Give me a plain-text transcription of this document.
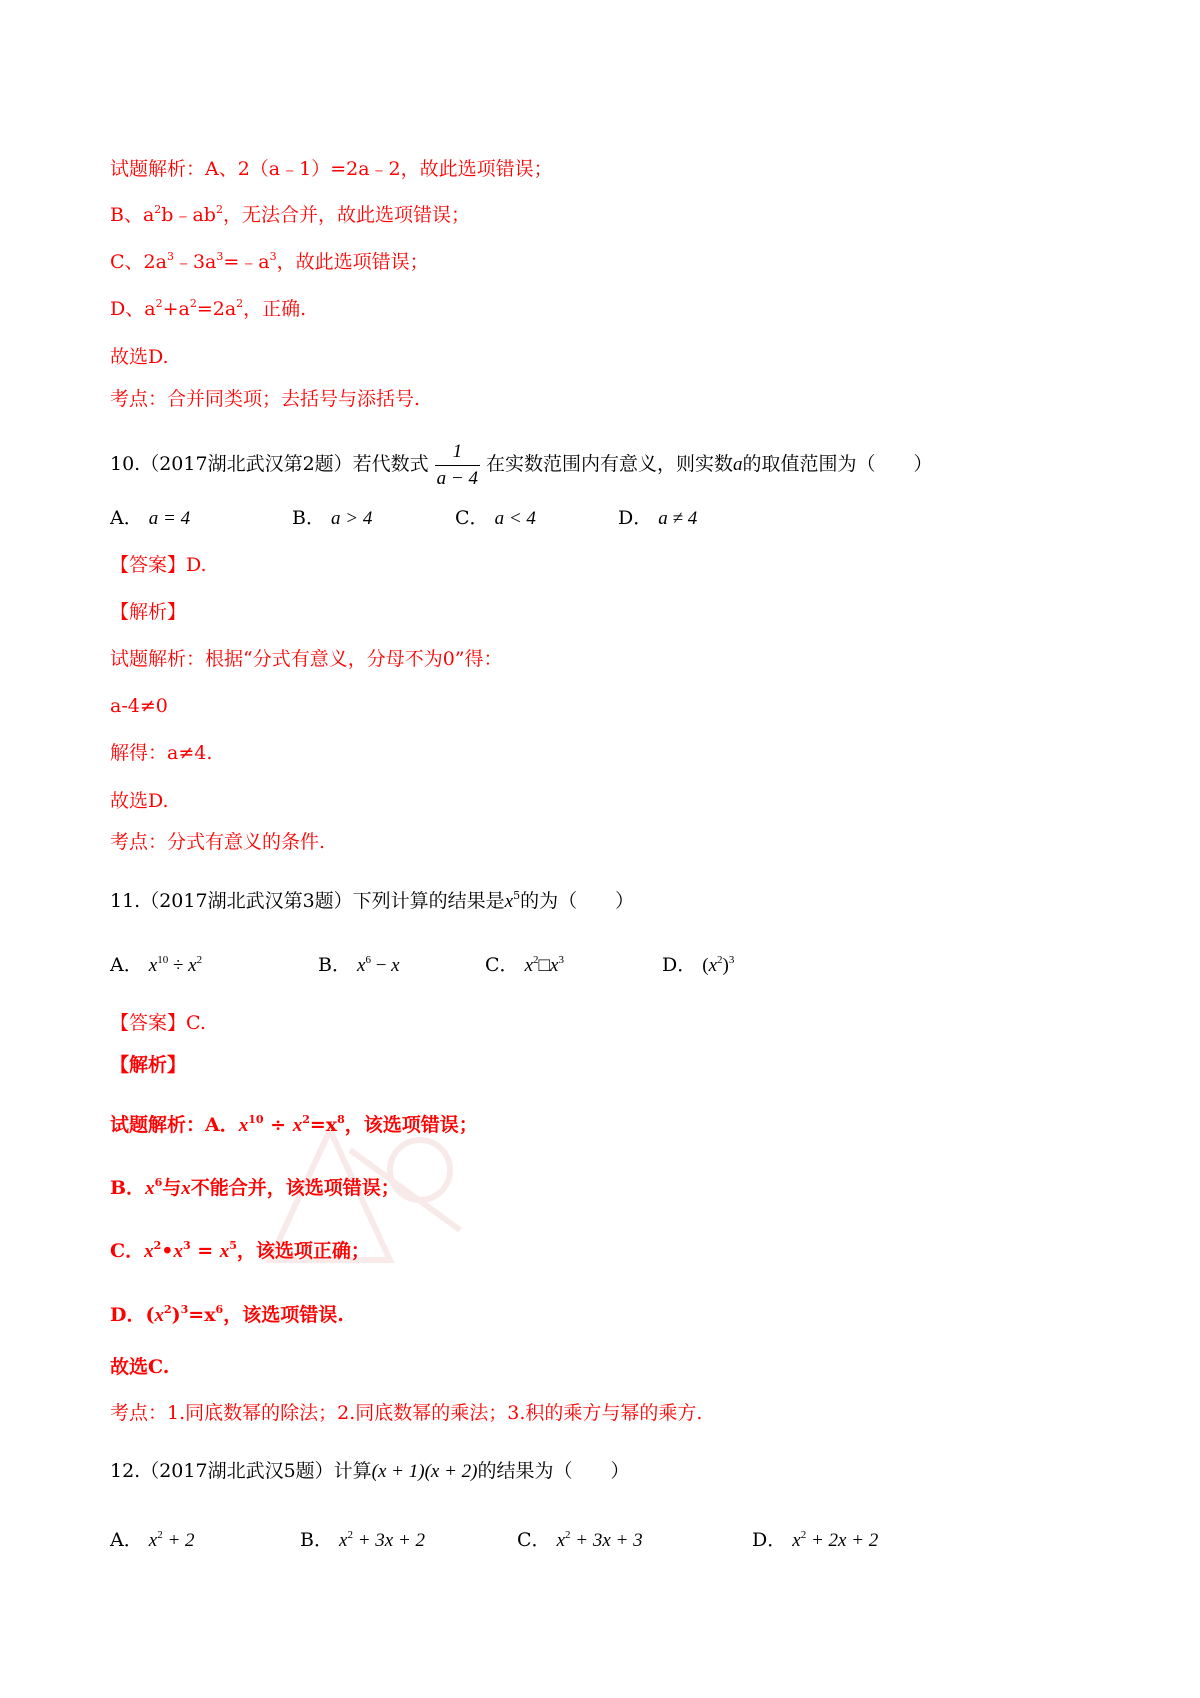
试题解析：A、2（a﹣1）=2a﹣2，故此选项错误；
B、$a^2b﹣ab^2$，无法合并，故此选项错误；
C、$2a^3﹣3a^3=﹣a^3$，故此选项错误；
D、$a^2+a^2=2a^2$，正确.
故选D.
考点：合并同类项；去括号与添括号.
10.（2017湖北武汉第2题）若代数式 $\frac{1}{a - 4}$ 在实数范围内有意义，则实数a的取值范围为（　　）
A． a = 4	B． a > 4	C． a < 4	D． a ≠ 4
【答案】D.
【解析】
试题解析：根据“分式有意义，分母不为0”得：
a-4≠0
解得：a≠4.
故选D.
考点：分式有意义的条件.
11.（2017湖北武汉第3题）下列计算的结果是$x^5$的为（　　）
A． $x^{10} \div x^2$	B． $x^6 - x$	C． $x^2□x^3$	D． $(x^2)^3$
【答案】C.
【解析】
试题解析：A．$x^{10} \div x^2=x^8$，该选项错误；
B．$x^6$与x不能合并，该选项错误；
C．$x^2•x^3 = x^5$，该选项正确；
D．$(x^2)^3=x^6$，该选项错误.
故选C.
考点：1.同底数幂的除法；2.同底数幂的乘法；3.积的乘方与幂的乘方.
12.（2017湖北武汉5题）计算(x + 1)(x + 2)的结果为（　　）
A． $x^2 + 2$	B． $x^2 + 3x + 2$	C． $x^2 + 3x + 3$	D． $x^2 + 2x + 2$
